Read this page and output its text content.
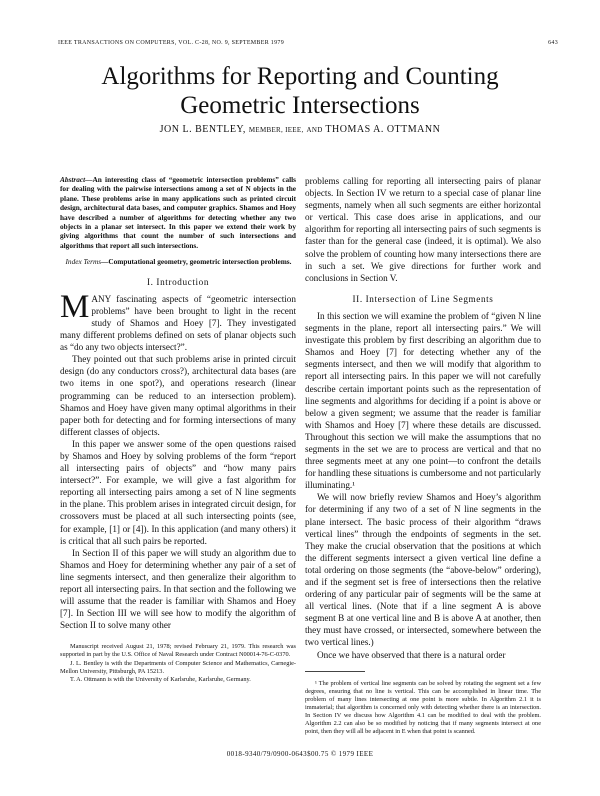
IEEE TRANSACTIONS ON COMPUTERS, VOL. C-28, NO. 9, SEPTEMBER 1979	643
Algorithms for Reporting and Counting
Geometric Intersections
JON L. BENTLEY, MEMBER, IEEE, AND THOMAS A. OTTMANN
Abstract—An interesting class of “geometric intersection problems” calls for dealing with the pairwise intersections among a set of N objects in the plane. These problems arise in many applications such as printed circuit design, architectural data bases, and computer graphics. Shamos and Hoey have described a number of algorithms for detecting whether any two objects in a planar set intersect. In this paper we extend their work by giving algorithms that count the number of such intersections and algorithms that report all such intersections.
Index Terms—Computational geometry, geometric intersection problems.
I. Introduction

MANY fascinating aspects of “geometric intersection problems” have been brought to light in the recent study of Shamos and Hoey [7]. They investigated many different problems defined on sets of planar objects such as “do any two objects intersect?”.

They pointed out that such problems arise in printed circuit design (do any conductors cross?), architectural data bases (are two items in one spot?), and operations research (linear programming can be reduced to an intersection problem). Shamos and Hoey have given many optimal algorithms in their paper both for detecting and for forming intersections of many different classes of objects.

In this paper we answer some of the open questions raised by Shamos and Hoey by solving problems of the form “report all intersecting pairs of objects” and “how many pairs intersect?”. For example, we will give a fast algorithm for reporting all intersecting pairs among a set of N line segments in the plane. This problem arises in integrated circuit design, for crossovers must be placed at all such intersecting points (see, for example, [1] or [4]). In this application (and many others) it is critical that all such pairs be reported.

In Section II of this paper we will study an algorithm due to Shamos and Hoey for determining whether any pair of a set of line segments intersect, and then generalize their algorithm to report all intersecting pairs. In that section and the following we will assume that the reader is familiar with Shamos and Hoey [7]. In Section III we will see how to modify the algorithm of Section II to solve many other

Manuscript received August 21, 1978; revised February 21, 1979. This research was supported in part by the U.S. Office of Naval Research under Contract N00014-76-C-0370.

J. L. Bentley is with the Departments of Computer Science and Mathematics, Carnegie-Mellon University, Pittsburgh, PA 15213.

T. A. Ottmann is with the University of Karlsruhe, Karlsruhe, Germany.

problems calling for reporting all intersecting pairs of planar objects. In Section IV we return to a special case of planar line segments, namely when all such segments are either horizontal or vertical. This case does arise in applications, and our algorithm for reporting all intersecting pairs of such segments is faster than for the general case (indeed, it is optimal). We also solve the problem of counting how many intersections there are in such a set. We give directions for further work and conclusions in Section V.

II. Intersection of Line Segments

In this section we will examine the problem of “given N line segments in the plane, report all intersecting pairs.” We will investigate this problem by first describing an algorithm due to Shamos and Hoey [7] for detecting whether any of the segments intersect, and then we will modify that algorithm to report all intersecting pairs. In this paper we will not carefully describe certain important points such as the representation of line segments and algorithms for deciding if a point is above or below a given segment; we assume that the reader is familiar with Shamos and Hoey [7] where these details are discussed. Throughout this section we will make the assumptions that no segments in the set we are to process are vertical and that no three segments meet at any one point—to confront the details for handling these situations is cumbersome and not particularly illuminating.¹

We will now briefly review Shamos and Hoey’s algorithm for determining if any two of a set of N line segments in the plane intersect. The basic process of their algorithm “draws vertical lines” through the endpoints of segments in the set. They make the crucial observation that the positions at which the different segments intersect a given vertical line define a total ordering on those segments (the “above-below” ordering), and if the segment set is free of intersections then the relative ordering of any particular pair of segments will be the same at all vertical lines. (Note that if a line segment A is above segment B at one vertical line and B is above A at another, then they must have crossed, or intersected, somewhere between the two vertical lines.)

Once we have observed that there is a natural order

¹ The problem of vertical line segments can be solved by rotating the segment set a few degrees, ensuring that no line is vertical. This can be accomplished in linear time. The problem of many lines intersecting at one point is more subtle. In Algorithm 2.1 it is immaterial; that algorithm is concerned only with detecting whether there is an intersection. In Section IV we discuss how Algorithm 4.1 can be modified to deal with the problem. Algorithm 2.2 can also be so modified by noticing that if many segments intersect at one point, then they will all be adjacent in E when that point is scanned.

0018-9340/79/0900-0643$00.75 © 1979 IEEE
